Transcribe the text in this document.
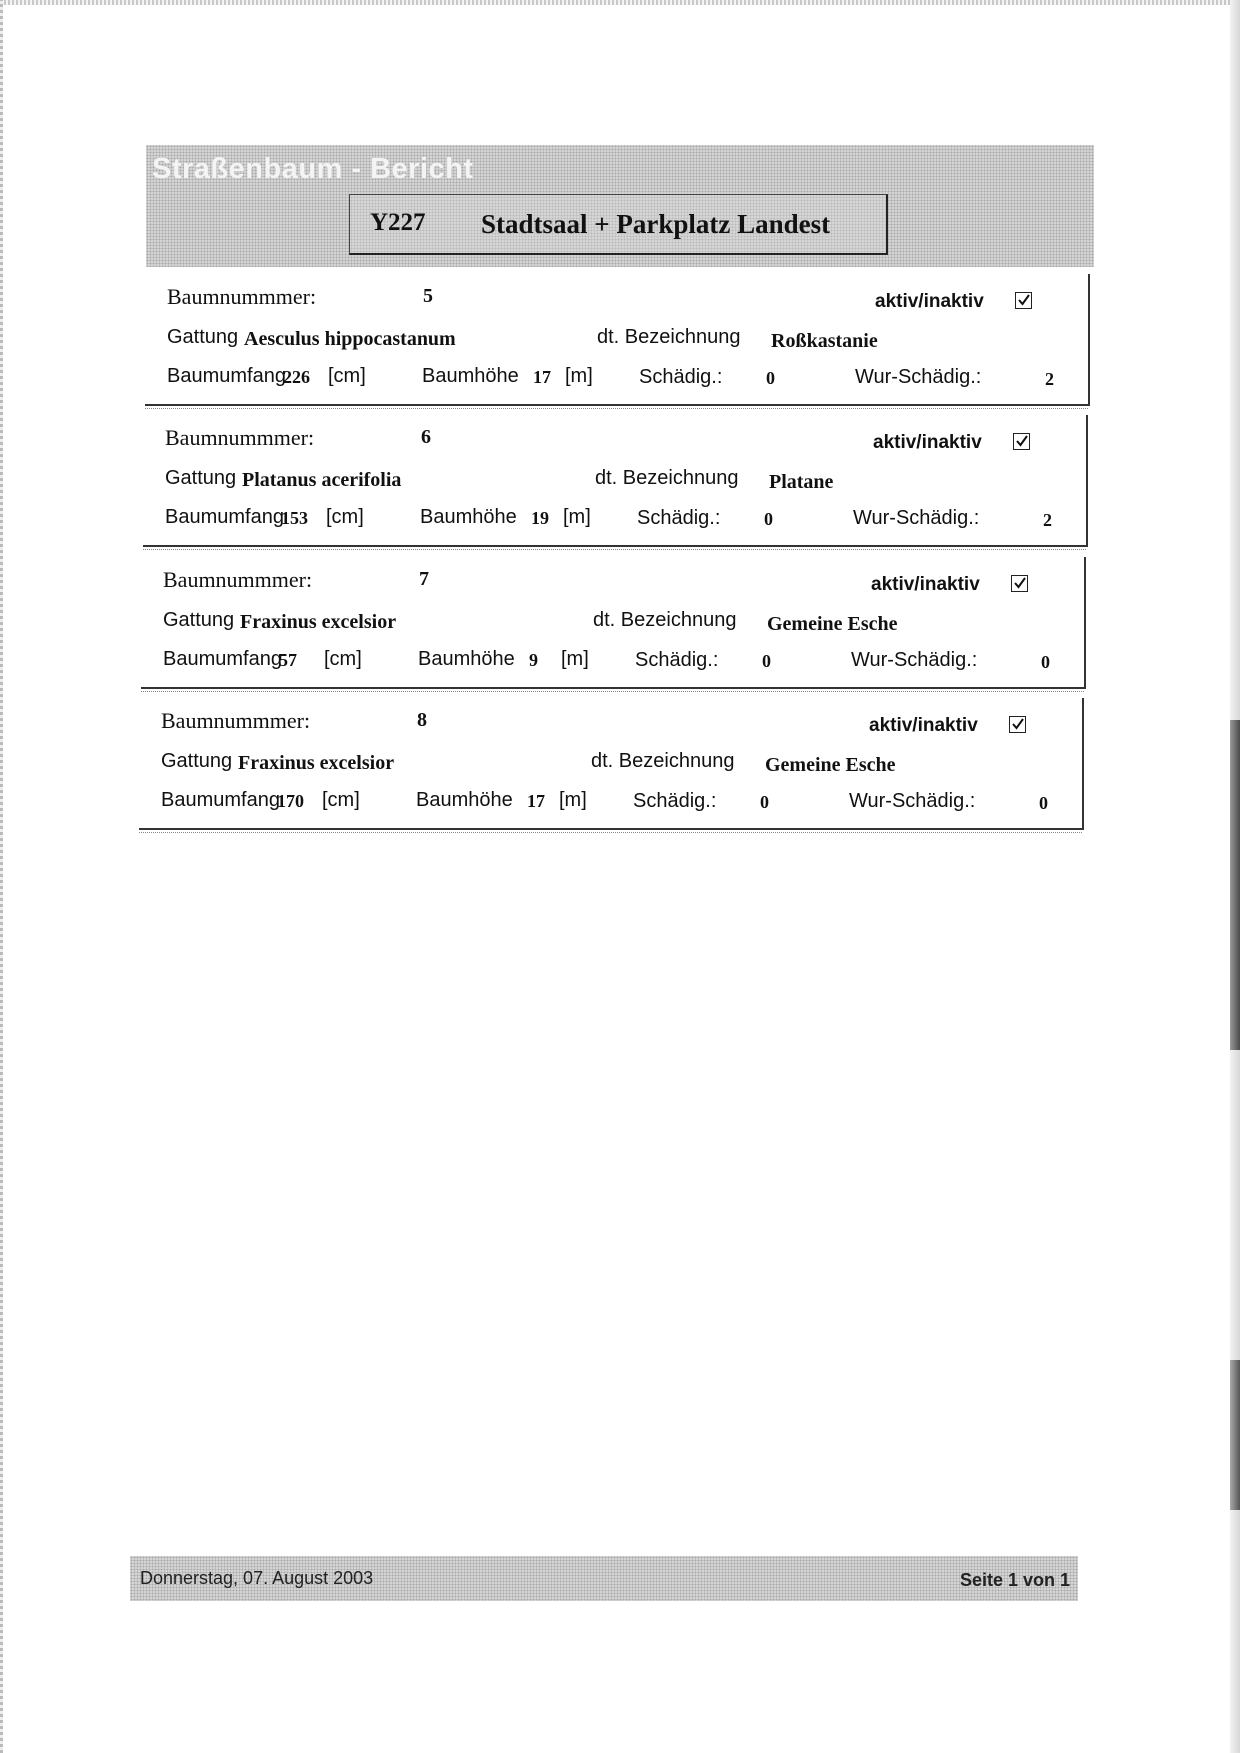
Straßenbaum - Bericht
Y227 Stadtsaal + Parkplatz Landest
Baumnummmer:	5	aktiv/inaktiv
Gattung Aesculus hippocastanum	dt. Bezeichnung Roßkastanie
Baumumfang
226 [cm]	Baumhöhe 17 [m] Schädig.: 0	Wur-Schädig.:	2
Baumnummmer:	6	aktiv/inaktiv
Gattung Platanus acerifolia	dt. Bezeichnung Platane
Baumumfang
153 [cm]	Baumhöhe 19 [m] Schädig.: 0	Wur-Schädig.:	2
Baumnummmer:	7	aktiv/inaktiv
Gattung Fraxinus excelsior	dt. Bezeichnung Gemeine Esche
Baumumfang
57 [cm]	Baumhöhe 9 [m] Schädig.: 0	Wur-Schädig.:	0
Baumnummmer:	8	aktiv/inaktiv
Gattung Fraxinus excelsior	dt. Bezeichnung Gemeine Esche
Baumumfang
170 [cm]	Baumhöhe 17 [m] Schädig.: 0	Wur-Schädig.:	0
Donnerstag, 07. August 2003	Seite 1 von 1
